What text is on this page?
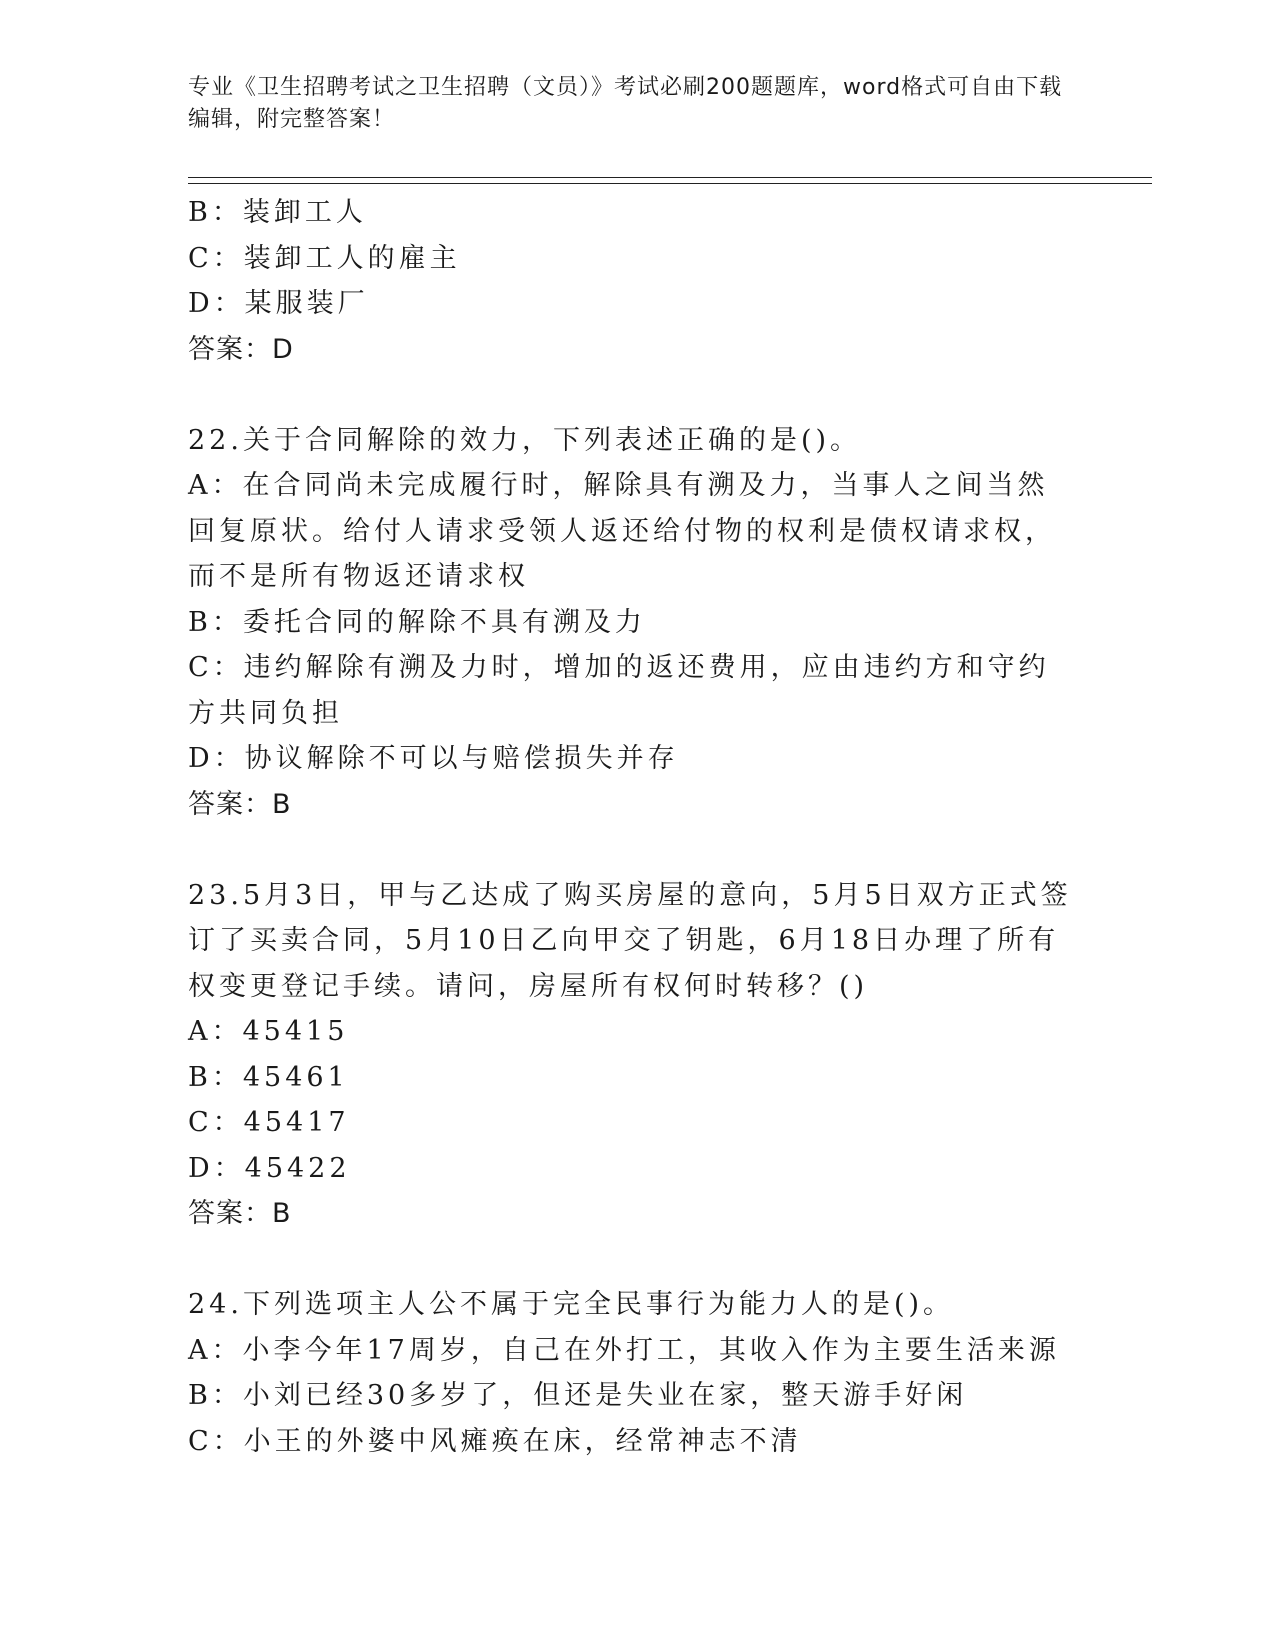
专业《卫生招聘考试之卫生招聘（文员）》考试必刷200题题库，word格式可自由下载编辑，附完整答案！
B：装卸工人
C：装卸工人的雇主
D：某服装厂
答案：D
22.关于合同解除的效力，下列表述正确的是()。
A：在合同尚未完成履行时，解除具有溯及力，当事人之间当然回复原状。给付人请求受领人返还给付物的权利是债权请求权，而不是所有物返还请求权
B：委托合同的解除不具有溯及力
C：违约解除有溯及力时，增加的返还费用，应由违约方和守约方共同负担
D：协议解除不可以与赔偿损失并存
答案：B
23.5月3日，甲与乙达成了购买房屋的意向，5月5日双方正式签订了买卖合同，5月10日乙向甲交了钥匙，6月18日办理了所有权变更登记手续。请问，房屋所有权何时转移？()
A：45415
B：45461
C：45417
D：45422
答案：B
24.下列选项主人公不属于完全民事行为能力人的是()。
A：小李今年17周岁，自己在外打工，其收入作为主要生活来源
B：小刘已经30多岁了，但还是失业在家，整天游手好闲
C：小王的外婆中风瘫痪在床，经常神志不清
